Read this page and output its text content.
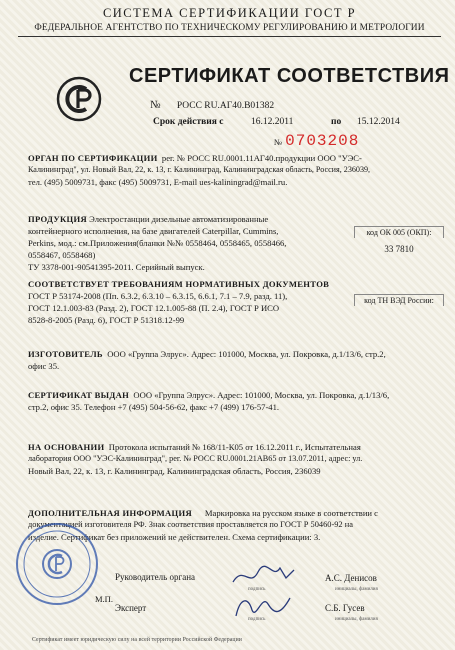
СИСТЕМА СЕРТИФИКАЦИИ ГОСТ Р
ФЕДЕРАЛЬНОЕ АГЕНТСТВО ПО ТЕХНИЧЕСКОМУ РЕГУЛИРОВАНИЮ И МЕТРОЛОГИИ
СЕРТИФИКАТ СООТВЕТСТВИЯ
№ РОСС RU.АГ40.В01382
Срок действия с	16.12.2011	по 15.12.2014
№ 0703208
ОРГАН ПО СЕРТИФИКАЦИИ рег. № РОСС RU.0001.11АГ40.продукции ООО "УЭС-
Калининград", ул. Новый Вал, 22, к. 13, г. Калининград, Калининградская область, Россия, 236039,
тел. (495) 5009731, факс (495) 5009731, E-mail ues-kaliningrad@mail.ru.
ПРОДУКЦИЯ Электростанции дизельные автоматизированные
контейнерного исполнения, на базе двигателей Caterpillar, Cummins,
Perkins, мод.: см.Приложения(бланки №№ 0558464, 0558465, 0558466,
0558467, 0558468)
ТУ 3378-001-90541395-2011. Серийный выпуск.
код ОК 005 (ОКП):
33 7810
СООТВЕТСТВУЕТ ТРЕБОВАНИЯМ НОРМАТИВНЫХ ДОКУМЕНТОВ
ГОСТ Р 53174-2008 (Пп. 6.3.2, 6.3.10 – 6.3.15, 6.6.1, 7.1 – 7.9, разд. 11),
ГОСТ 12.1.003-83 (Разд. 2), ГОСТ 12.1.005-88 (П. 2.4), ГОСТ Р ИСО
8528-8-2005 (Разд. 6), ГОСТ Р 51318.12-99
код ТН ВЭД России:
ИЗГОТОВИТЕЛЬ ООО «Группа Элрус». Адрес: 101000, Москва, ул. Покровка, д.1/13/6, стр.2,
офис 35.
СЕРТИФИКАТ ВЫДАН ООО «Группа Элрус». Адрес: 101000, Москва, ул. Покровка, д.1/13/6,
стр.2, офис 35. Телефон +7 (495) 504-56-62, факс +7 (499) 176-57-41.
НА ОСНОВАНИИ Протокола испытаний № 168/11-К05 от 16.12.2011 г., Испытательная
лаборатория ООО "УЭС-Калининград", рег. № РОСС RU.0001.21АВ65 от 13.07.2011, адрес: ул.
Новый Вал, 22, к. 13, г. Калининград, Калининградская область, Россия, 236039
ДОПОЛНИТЕЛЬНАЯ ИНФОРМАЦИЯ Маркировка на русском языке в соответствии с
документацией изготовителя РФ. Знак соответствия проставляется по ГОСТ Р 50460-92 на
изделие. Сертификат без приложений не действителен. Схема сертификации: 3.
Руководитель органа	А.С. Денисов
подпись	инициалы, фамилия
М.П.
Эксперт	С.Б. Гусев
подпись	инициалы, фамилия
Сертификат имеет юридическую силу на всей территории Российской Федерации
